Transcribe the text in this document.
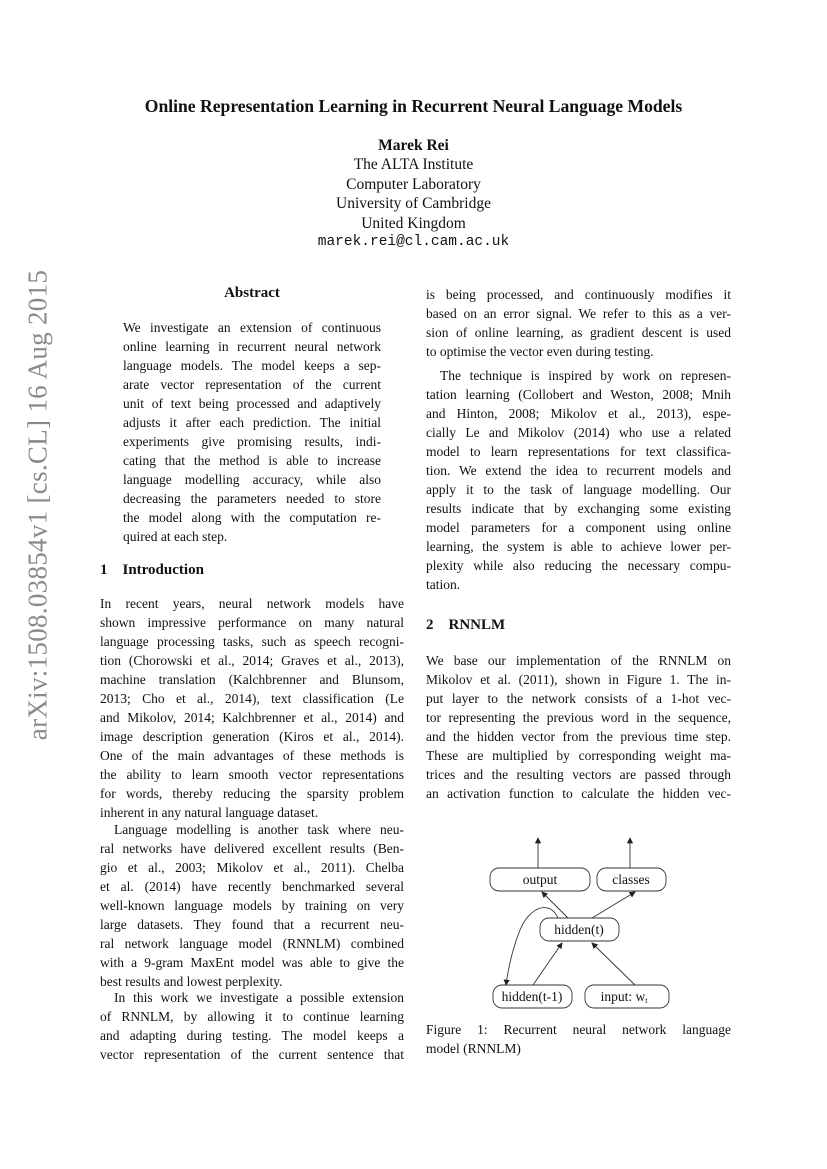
arXiv:1508.03854v1 [cs.CL] 16 Aug 2015
Online Representation Learning in Recurrent Neural Language Models
Marek Rei
The ALTA Institute
Computer Laboratory
University of Cambridge
United Kingdom
marek.rei@cl.cam.ac.uk
Abstract
We investigate an extension of continuous
online learning in recurrent neural network
language models. The model keeps a sep-
arate vector representation of the current
unit of text being processed and adaptively
adjusts it after each prediction. The initial
experiments give promising results, indi-
cating that the method is able to increase
language modelling accuracy, while also
decreasing the parameters needed to store
the model along with the computation re-
quired at each step.
1 Introduction
In recent years, neural network models have
shown impressive performance on many natural
language processing tasks, such as speech recogni-
tion (Chorowski et al., 2014; Graves et al., 2013),
machine translation (Kalchbrenner and Blunsom,
2013; Cho et al., 2014), text classification (Le
and Mikolov, 2014; Kalchbrenner et al., 2014) and
image description generation (Kiros et al., 2014).
One of the main advantages of these methods is
the ability to learn smooth vector representations
for words, thereby reducing the sparsity problem
inherent in any natural language dataset.
Language modelling is another task where neu-
ral networks have delivered excellent results (Ben-
gio et al., 2003; Mikolov et al., 2011). Chelba
et al. (2014) have recently benchmarked several
well-known language models by training on very
large datasets. They found that a recurrent neu-
ral network language model (RNNLM) combined
with a 9-gram MaxEnt model was able to give the
best results and lowest perplexity.
In this work we investigate a possible extension
of RNNLM, by allowing it to continue learning
and adapting during testing. The model keeps a
vector representation of the current sentence that
is being processed, and continuously modifies it
based on an error signal. We refer to this as a ver-
sion of online learning, as gradient descent is used
to optimise the vector even during testing.
The technique is inspired by work on represen-
tation learning (Collobert and Weston, 2008; Mnih
and Hinton, 2008; Mikolov et al., 2013), espe-
cially Le and Mikolov (2014) who use a related
model to learn representations for text classifica-
tion. We extend the idea to recurrent models and
apply it to the task of language modelling. Our
results indicate that by exchanging some existing
model parameters for a component using online
learning, the system is able to achieve lower per-
plexity while also reducing the necessary compu-
tation.
2 RNNLM
We base our implementation of the RNNLM on
Mikolov et al. (2011), shown in Figure 1. The in-
put layer to the network consists of a 1-hot vec-
tor representing the previous word in the sequence,
and the hidden vector from the previous time step.
These are multiplied by corresponding weight ma-
trices and the resulting vectors are passed through
an activation function to calculate the hidden vec-
output	classes
hidden(t)
hidden(t-1)	input: wt
Figure 1: Recurrent neural network language
model (RNNLM)
